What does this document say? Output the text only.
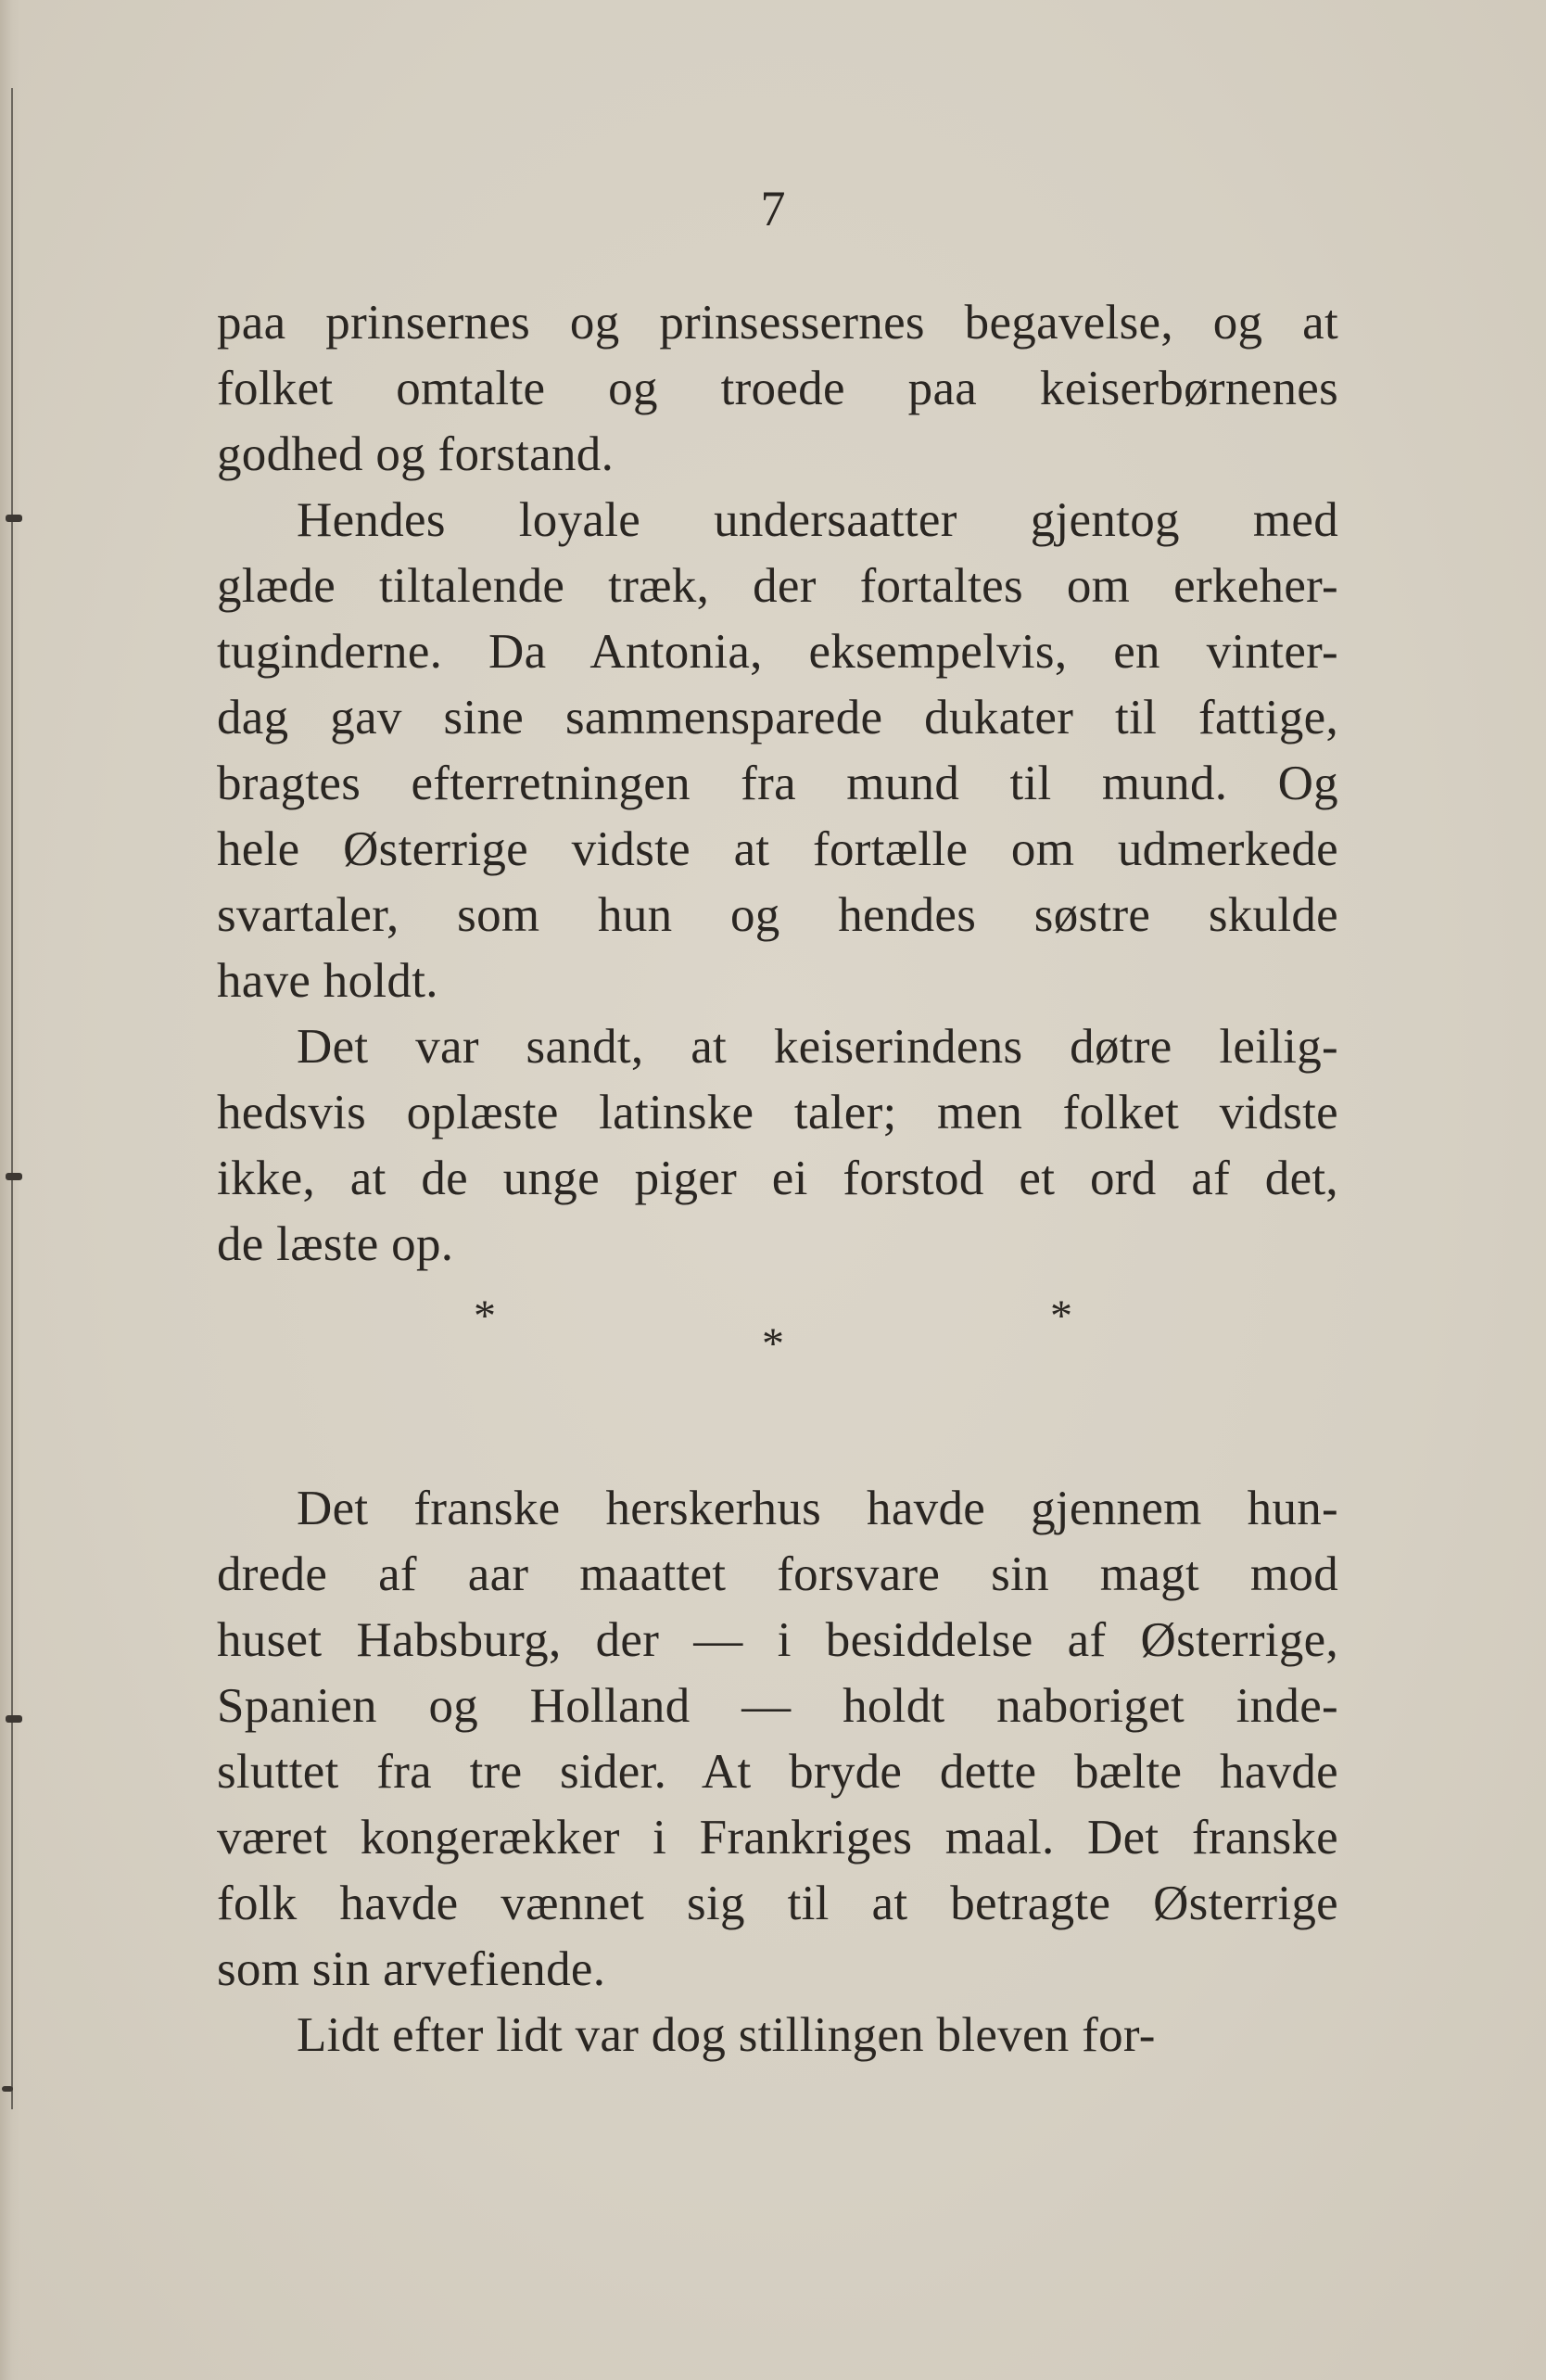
7
paa prinsernes og prinsessernes begavelse, og at
folket omtalte og troede paa keiserbørnenes
godhed og forstand.
Hendes loyale undersaatter gjentog med
glæde tiltalende træk, der fortaltes om erkeher-
tuginderne. Da Antonia, eksempelvis, en vinter-
dag gav sine sammensparede dukater til fattige,
bragtes efterretningen fra mund til mund. Og
hele Østerrige vidste at fortælle om udmerkede
svartaler, som hun og hendes søstre skulde
have holdt.
Det var sandt, at keiserindens døtre leilig-
hedsvis oplæste latinske taler; men folket vidste
ikke, at de unge piger ei forstod et ord af det,
de læste op.
*
*
*
Det franske herskerhus havde gjennem hun-
drede af aar maattet forsvare sin magt mod
huset Habsburg, der — i besiddelse af Østerrige,
Spanien og Holland — holdt naboriget inde-
sluttet fra tre sider. At bryde dette bælte havde
været kongerækker i Frankriges maal. Det franske
folk havde vænnet sig til at betragte Østerrige
som sin arvefiende.
Lidt efter lidt var dog stillingen bleven for-
